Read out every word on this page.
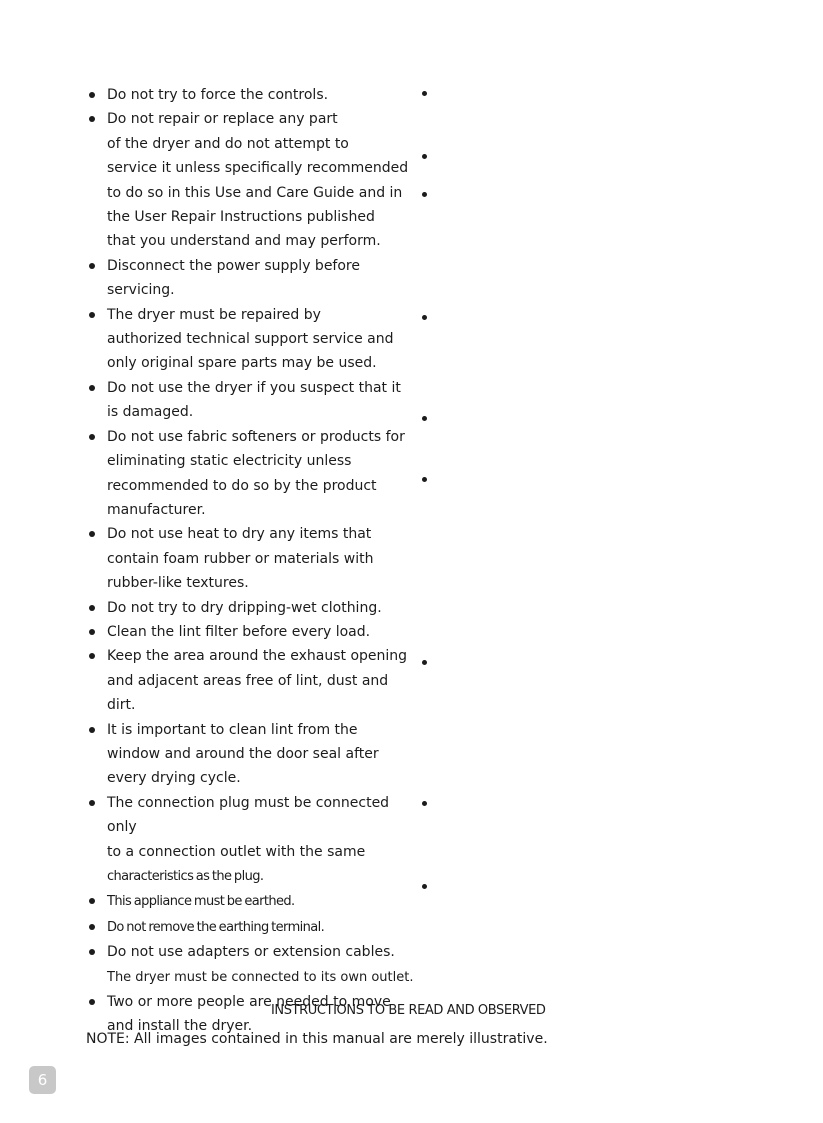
Do not try to force the controls.
Do not repair or replace any part
of the dryer and do not attempt to
service it unless specifically recommended
to do so in this Use and Care Guide and in
the User Repair Instructions published
that you understand and may perform.
Disconnect the power supply before
servicing.
The dryer must be repaired by
authorized technical support service and
only original spare parts may be used.
Do not use the dryer if you suspect that it
is damaged.
Do not use fabric softeners or products for
eliminating static electricity unless
recommended to do so by the product
manufacturer.
Do not use heat to dry any items that
contain foam rubber or materials with
rubber-like textures.
Do not try to dry dripping-wet clothing.
Clean the lint filter before every load.
Keep the area around the exhaust opening
and adjacent areas free of lint, dust and dirt.
It is important to clean lint from the
window and around the door seal after
every drying cycle.
The connection plug must be connected only
to a connection outlet with the same
characteristics as the plug.
This appliance must be earthed.
Do not remove the earthing terminal.
Do not use adapters or extension cables.
The dryer must be connected to its own outlet.
Two or more people are needed to move
and install the dryer.
INSTRUCTIONS TO BE READ AND OBSERVED
NOTE: All images contained in this manual are merely illustrative.
6
